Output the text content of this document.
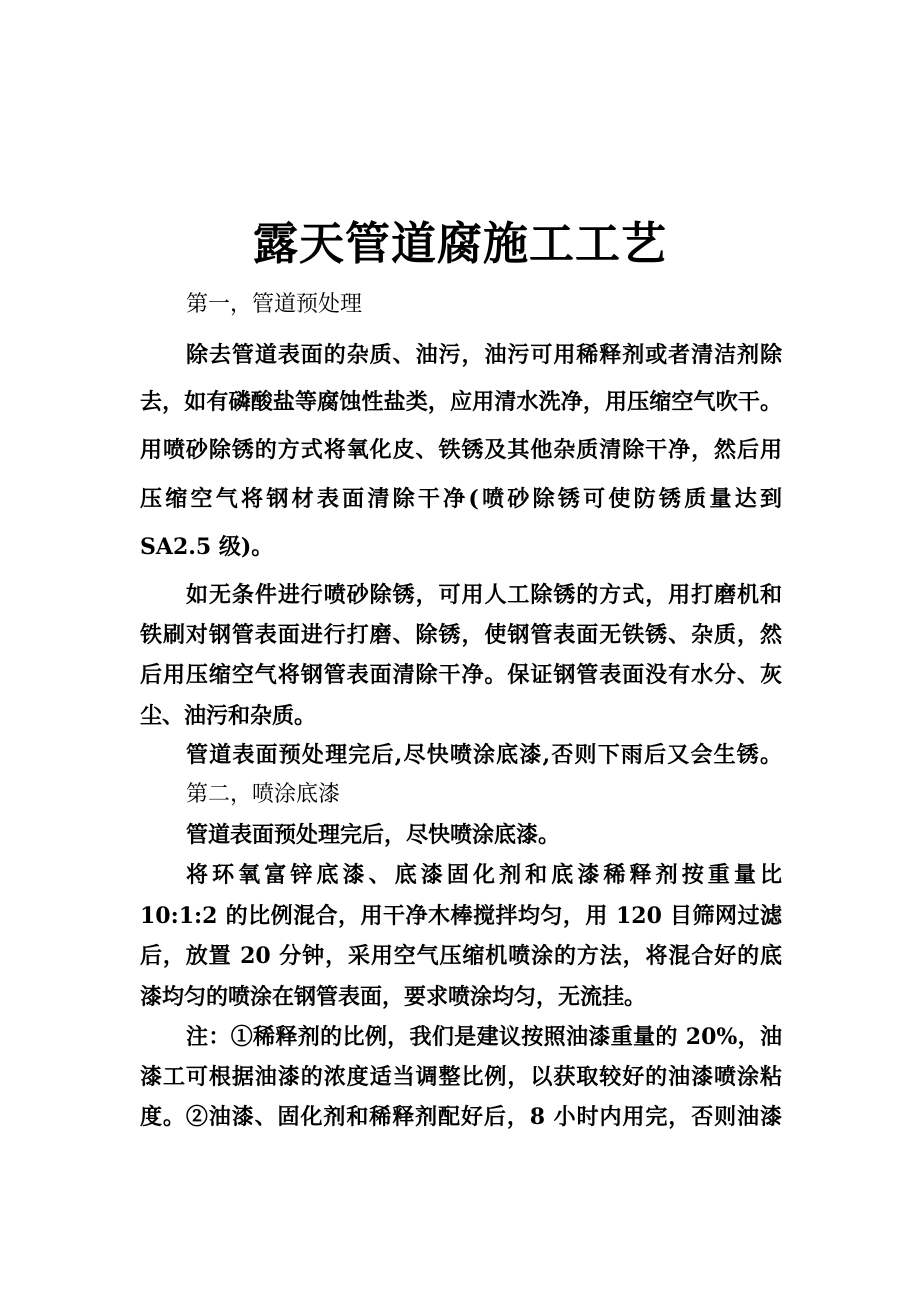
露天管道腐施工工艺
第一，管道预处理
除去管道表面的杂质、油污，油污可用稀释剂或者清洁剂除
去，如有磷酸盐等腐蚀性盐类，应用清水洗净，用压缩空气吹干。
用喷砂除锈的方式将氧化皮、铁锈及其他杂质清除干净，然后用
压缩空气将钢材表面清除干净(喷砂除锈可使防锈质量达到
SA2.5 级)。
如无条件进行喷砂除锈，可用人工除锈的方式，用打磨机和
铁刷对钢管表面进行打磨、除锈，使钢管表面无铁锈、杂质，然
后用压缩空气将钢管表面清除干净。保证钢管表面没有水分、灰
尘、油污和杂质。
管道表面预处理完后,尽快喷涂底漆,否则下雨后又会生锈。
第二，喷涂底漆
管道表面预处理完后，尽快喷涂底漆。
将环氧富锌底漆、底漆固化剂和底漆稀释剂按重量比
10:1:2 的比例混合，用干净木棒搅拌均匀，用 120 目筛网过滤
后，放置 20 分钟，采用空气压缩机喷涂的方法，将混合好的底
漆均匀的喷涂在钢管表面，要求喷涂均匀，无流挂。
注：①稀释剂的比例，我们是建议按照油漆重量的 20%，油
漆工可根据油漆的浓度适当调整比例，以获取较好的油漆喷涂粘
度。②油漆、固化剂和稀释剂配好后，8 小时内用完，否则油漆
